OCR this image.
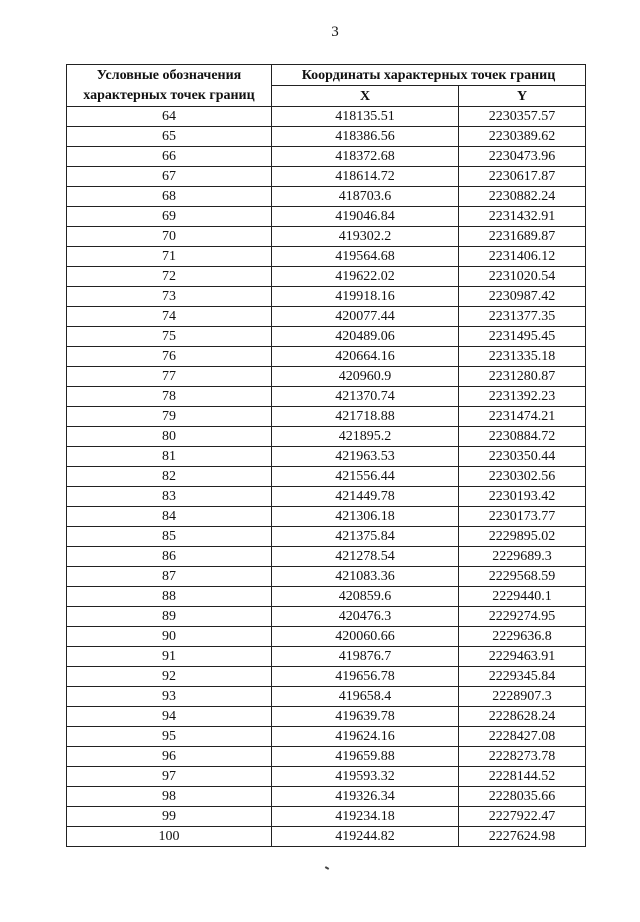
3
Условные обозначения характерных точек границ	Координаты характерных точек границ	
	X	Y
64	418135.51	2230357.57
65	418386.56	2230389.62
66	418372.68	2230473.96
67	418614.72	2230617.87
68	418703.6	2230882.24
69	419046.84	2231432.91
70	419302.2	2231689.87
71	419564.68	2231406.12
72	419622.02	2231020.54
73	419918.16	2230987.42
74	420077.44	2231377.35
75	420489.06	2231495.45
76	420664.16	2231335.18
77	420960.9	2231280.87
78	421370.74	2231392.23
79	421718.88	2231474.21
80	421895.2	2230884.72
81	421963.53	2230350.44
82	421556.44	2230302.56
83	421449.78	2230193.42
84	421306.18	2230173.77
85	421375.84	2229895.02
86	421278.54	2229689.3
87	421083.36	2229568.59
88	420859.6	2229440.1
89	420476.3	2229274.95
90	420060.66	2229636.8
91	419876.7	2229463.91
92	419656.78	2229345.84
93	419658.4	2228907.3
94	419639.78	2228628.24
95	419624.16	2228427.08
96	419659.88	2228273.78
97	419593.32	2228144.52
98	419326.34	2228035.66
99	419234.18	2227922.47
100	419244.82	2227624.98
